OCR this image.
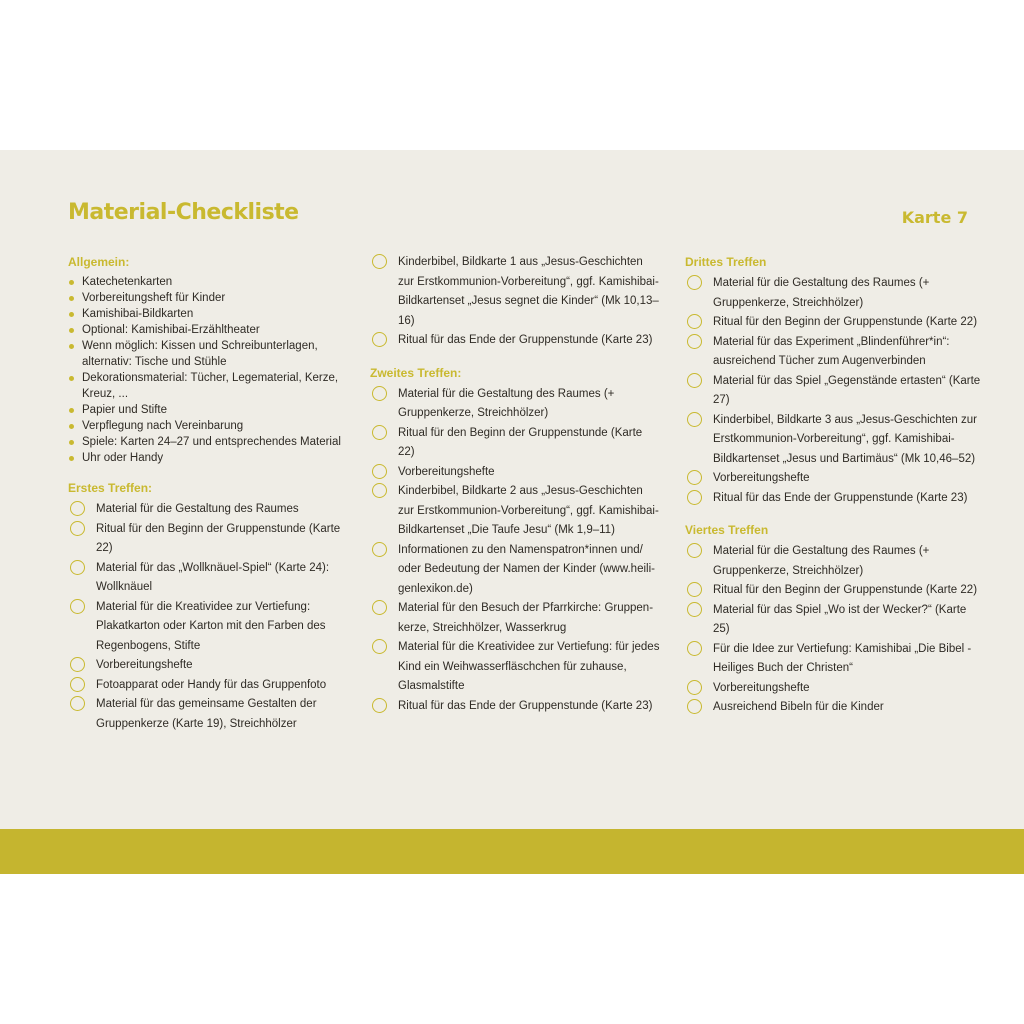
Material-Checkliste	Karte 7
Allgemein:
Katechetenkarten
Vorbereitungsheft für Kinder
Kamishibai-Bildkarten
Optional: Kamishibai-Erzähltheater
Wenn möglich: Kissen und Schreibunterlagen, alternativ: Tische und Stühle
Dekorationsmaterial: Tücher, Legematerial, Kerze, Kreuz, ...
Papier und Stifte
Verpflegung nach Vereinbarung
Spiele: Karten 24–27 und entsprechendes Material
Uhr oder Handy
Erstes Treffen:
Material für die Gestaltung des Raumes
Ritual für den Beginn der Gruppenstunde (Karte 22)
Material für das „Wollknäuel-Spiel“ (Karte 24): Wollknäuel
Material für die Kreatividee zur Vertiefung: Plakatkarton oder Karton mit den Farben des Regenbogens, Stifte
Vorbereitungshefte
Fotoapparat oder Handy für das Gruppenfoto
Material für das gemeinsame Gestalten der Gruppenkerze (Karte 19), Streichhölzer
Kinderbibel, Bildkarte 1 aus „Jesus-Geschichten zur Erstkommunion-Vorbereitung“, ggf. Kamishibai-Bildkartenset „Jesus segnet die Kinder“ (Mk 10,13–16)
Ritual für das Ende der Gruppenstunde (Karte 23)
Zweites Treffen:
Material für die Gestaltung des Raumes (+ Gruppenkerze, Streichhölzer)
Ritual für den Beginn der Gruppenstunde (Karte 22)
Vorbereitungshefte
Kinderbibel, Bildkarte 2 aus „Jesus-Geschichten zur Erstkommunion-Vorbereitung“, ggf. Kamishibai-Bildkartenset „Die Taufe Jesu“ (Mk 1,9–11)
Informationen zu den Namenspatron*innen und/ oder Bedeutung der Namen der Kinder (www.heili-genlexikon.de)
Material für den Besuch der Pfarrkirche: Gruppen-kerze, Streichhölzer, Wasserkrug
Material für die Kreatividee zur Vertiefung: für jedes Kind ein Weihwasserfläschchen für zuhause, Glasmalstifte
Ritual für das Ende der Gruppenstunde (Karte 23)
Drittes Treffen
Material für die Gestaltung des Raumes (+ Gruppenkerze, Streichhölzer)
Ritual für den Beginn der Gruppenstunde (Karte 22)
Material für das Experiment „Blindenführer*in“: ausreichend Tücher zum Augenverbinden
Material für das Spiel „Gegenstände ertasten“ (Karte 27)
Kinderbibel, Bildkarte 3 aus „Jesus-Geschichten zur Erstkommunion-Vorbereitung“, ggf. Kamishibai-Bildkartenset „Jesus und Bartimäus“ (Mk 10,46–52)
Vorbereitungshefte
Ritual für das Ende der Gruppenstunde (Karte 23)
Viertes Treffen
Material für die Gestaltung des Raumes (+ Gruppenkerze, Streichhölzer)
Ritual für den Beginn der Gruppenstunde (Karte 22)
Material für das Spiel „Wo ist der Wecker?“ (Karte 25)
Für die Idee zur Vertiefung: Kamishibai „Die Bibel - Heiliges Buch der Christen“
Vorbereitungshefte
Ausreichend Bibeln für die Kinder
